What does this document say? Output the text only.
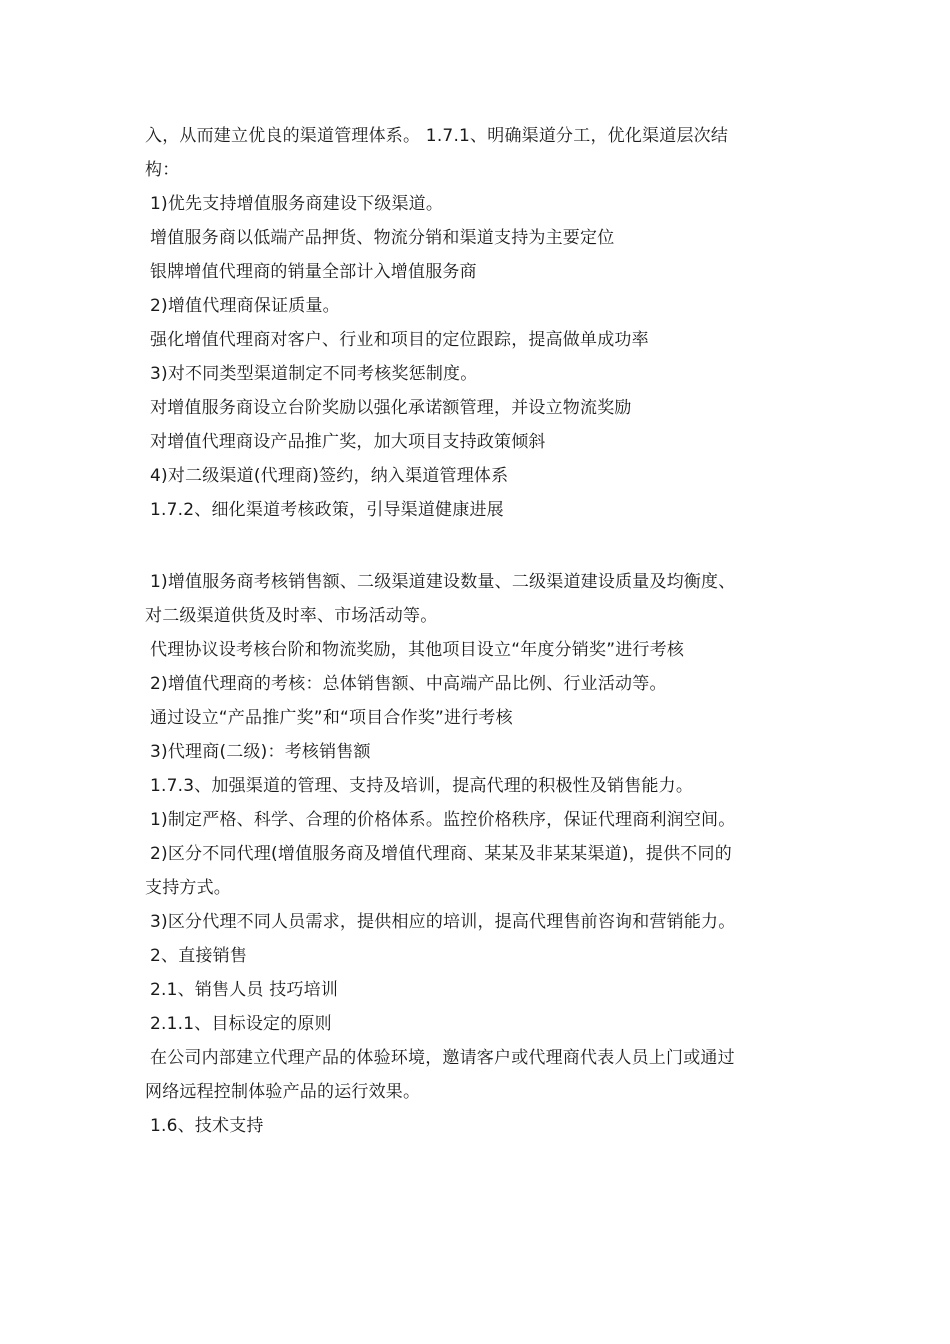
入，从而建立优良的渠道管理体系。 1.7.1、明确渠道分工，优化渠道层次结
构：
1)优先支持增值服务商建设下级渠道。
增值服务商以低端产品押货、物流分销和渠道支持为主要定位
银牌增值代理商的销量全部计入增值服务商
2)增值代理商保证质量。
强化增值代理商对客户、行业和项目的定位跟踪，提高做单成功率
3)对不同类型渠道制定不同考核奖惩制度。
对增值服务商设立台阶奖励以强化承诺额管理，并设立物流奖励
对增值代理商设产品推广奖，加大项目支持政策倾斜
4)对二级渠道(代理商)签约，纳入渠道管理体系
1.7.2、细化渠道考核政策，引导渠道健康进展
1)增值服务商考核销售额、二级渠道建设数量、二级渠道建设质量及均衡度、
对二级渠道供货及时率、市场活动等。
代理协议设考核台阶和物流奖励，其他项目设立“年度分销奖”进行考核
2)增值代理商的考核：总体销售额、中高端产品比例、行业活动等。
通过设立“产品推广奖”和“项目合作奖”进行考核
3)代理商(二级)：考核销售额
1.7.3、加强渠道的管理、支持及培训，提高代理的积极性及销售能力。
1)制定严格、科学、合理的价格体系。监控价格秩序，保证代理商利润空间。
2)区分不同代理(增值服务商及增值代理商、某某及非某某渠道)，提供不同的
支持方式。
3)区分代理不同人员需求，提供相应的培训，提高代理售前咨询和营销能力。
2、直接销售
2.1、销售人员 技巧培训
2.1.1、目标设定的原则
在公司内部建立代理产品的体验环境，邀请客户或代理商代表人员上门或通过
网络远程控制体验产品的运行效果。
1.6、技术支持
